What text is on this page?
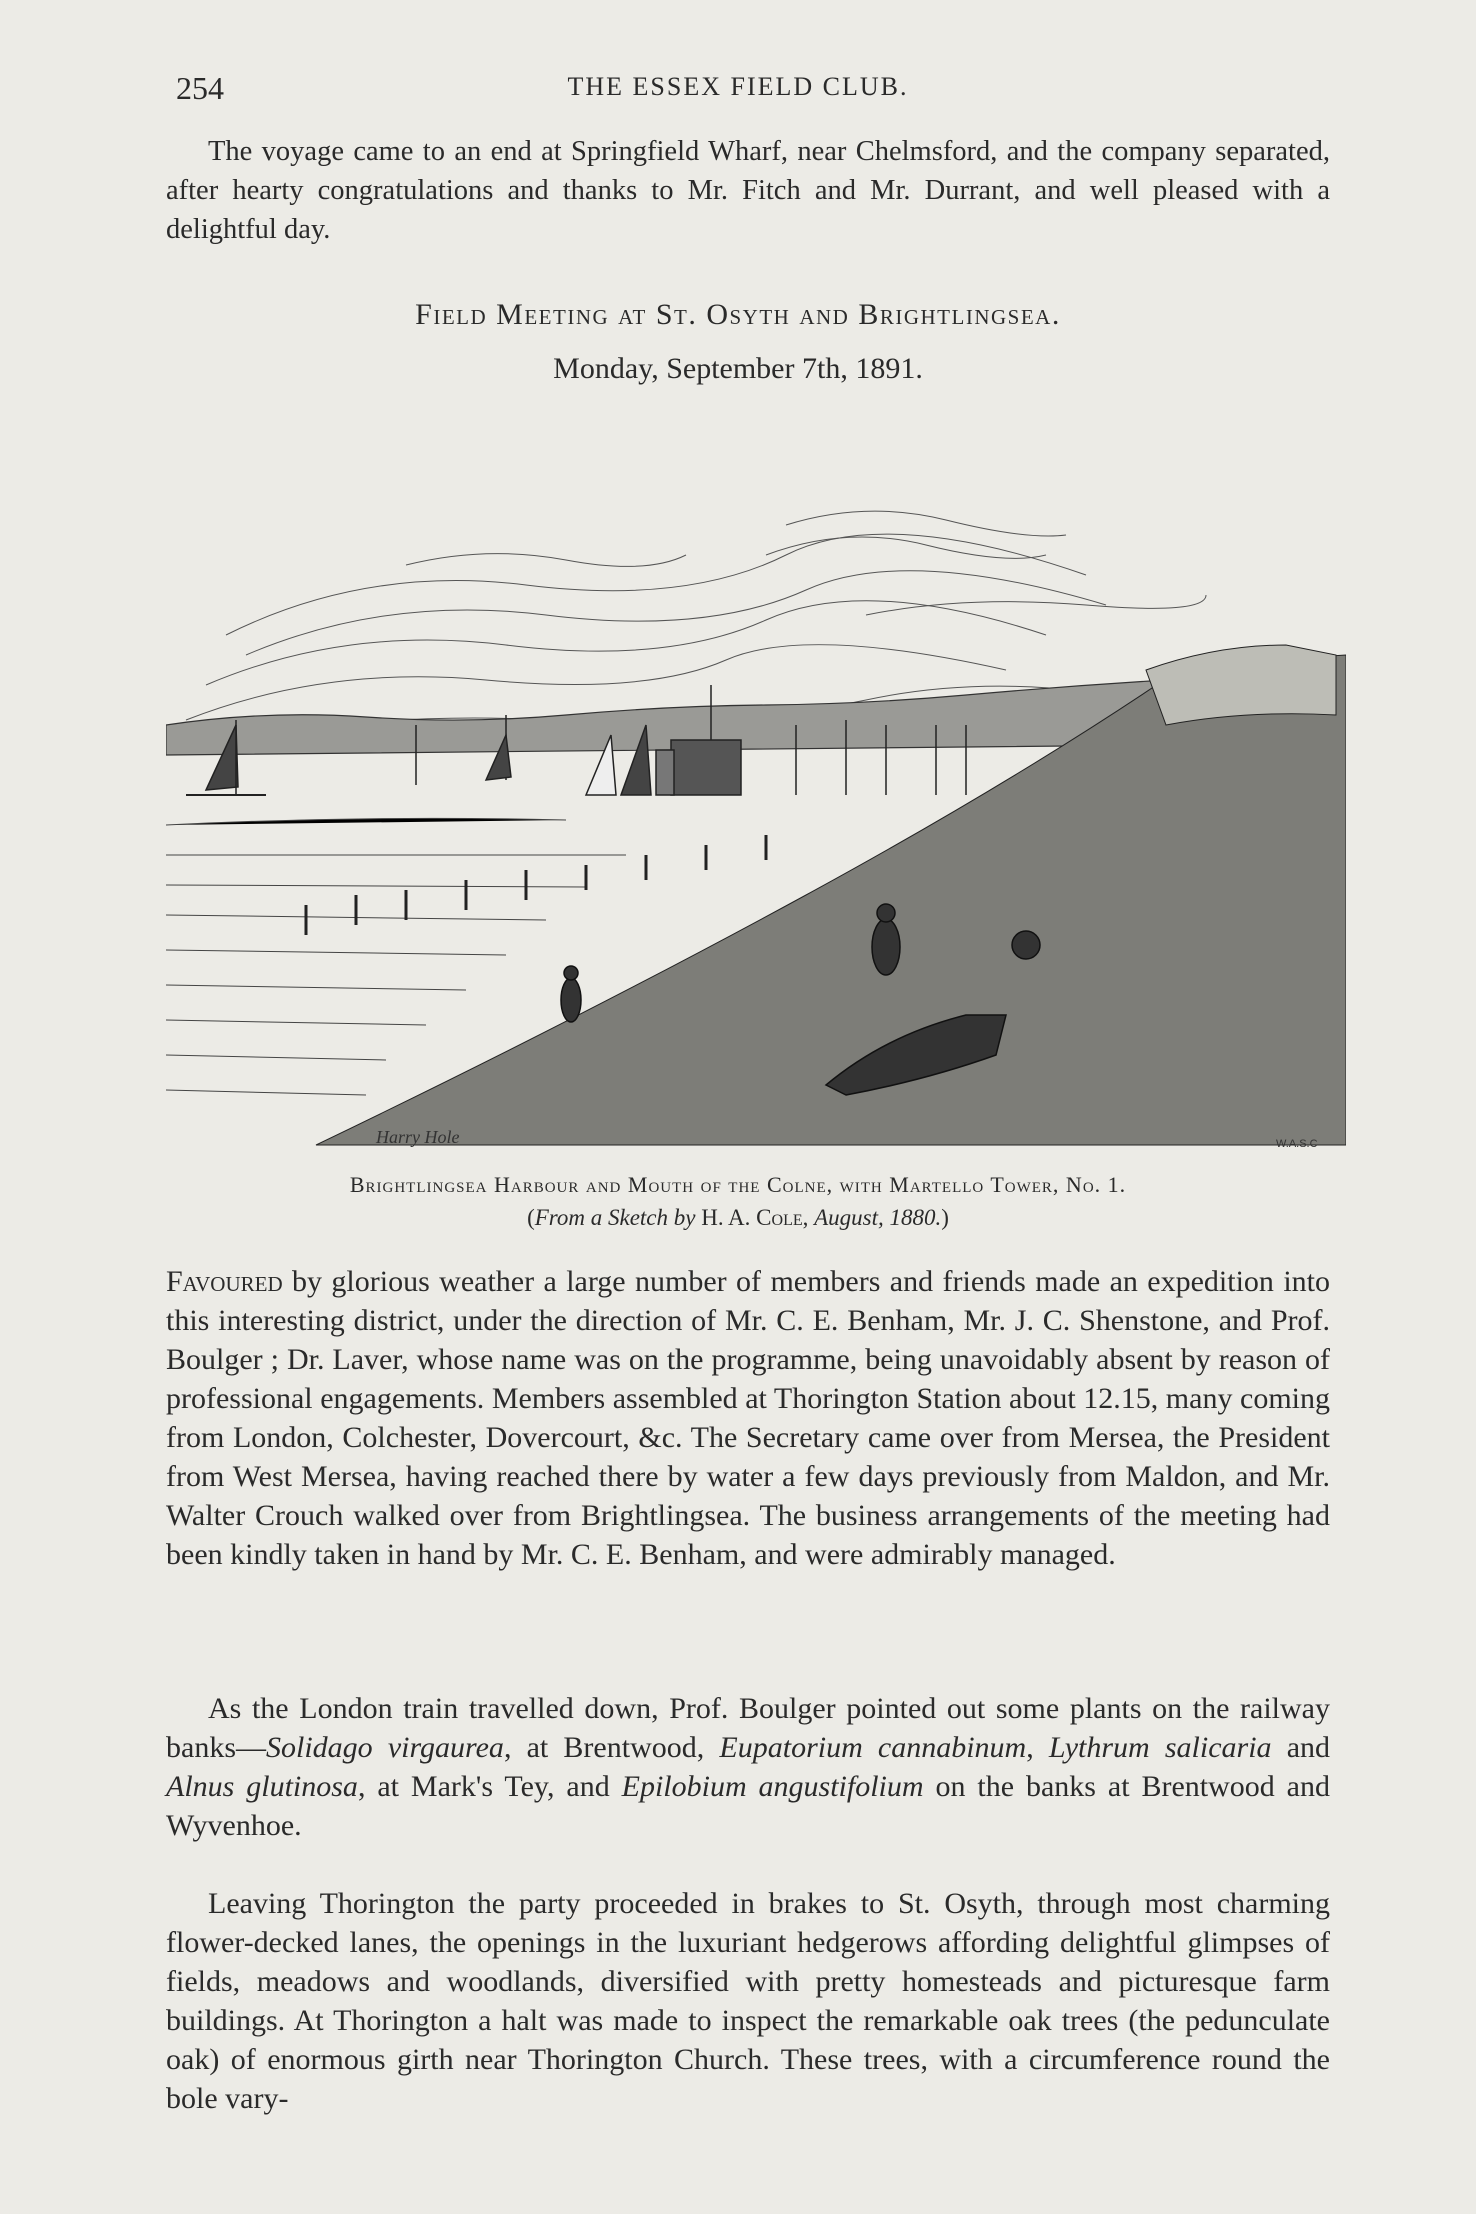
254	THE ESSEX FIELD CLUB.

The voyage came to an end at Springfield Wharf, near Chelmsford, and the company separated, after hearty congratulations and thanks to Mr. Fitch and Mr. Durrant, and well pleased with a delightful day.

Field Meeting at St. Osyth and Brightlingsea.
Monday, September 7th, 1891.
Harry Hole	W.A.S.C
Brightlingsea Harbour and Mouth of the Colne, with Martello Tower, No. 1.
(From a Sketch by H. A. Cole, August, 1880.)

Favoured by glorious weather a large number of members and friends made an expedition into this interesting district, under the direction of Mr. C. E. Benham, Mr. J. C. Shenstone, and Prof. Boulger ; Dr. Laver, whose name was on the programme, being unavoidably absent by reason of professional engagements. Members assembled at Thorington Station about 12.15, many coming from London, Colchester, Dovercourt, &c. The Secretary came over from Mersea, the President from West Mersea, having reached there by water a few days previously from Maldon, and Mr. Walter Crouch walked over from Brightlingsea. The business arrangements of the meeting had been kindly taken in hand by Mr. C. E. Benham, and were admirably managed.

As the London train travelled down, Prof. Boulger pointed out some plants on the railway banks—Solidago virgaurea, at Brentwood, Eupatorium cannabinum, Lythrum salicaria and Alnus glutinosa, at Mark's Tey, and Epilobium angustifolium on the banks at Brentwood and Wyvenhoe.

Leaving Thorington the party proceeded in brakes to St. Osyth, through most charming flower-decked lanes, the openings in the luxuriant hedgerows affording delightful glimpses of fields, meadows and woodlands, diversified with pretty homesteads and picturesque farm buildings. At Thorington a halt was made to inspect the remarkable oak trees (the pedunculate oak) of enormous girth near Thorington Church. These trees, with a circumference round the bole vary-
